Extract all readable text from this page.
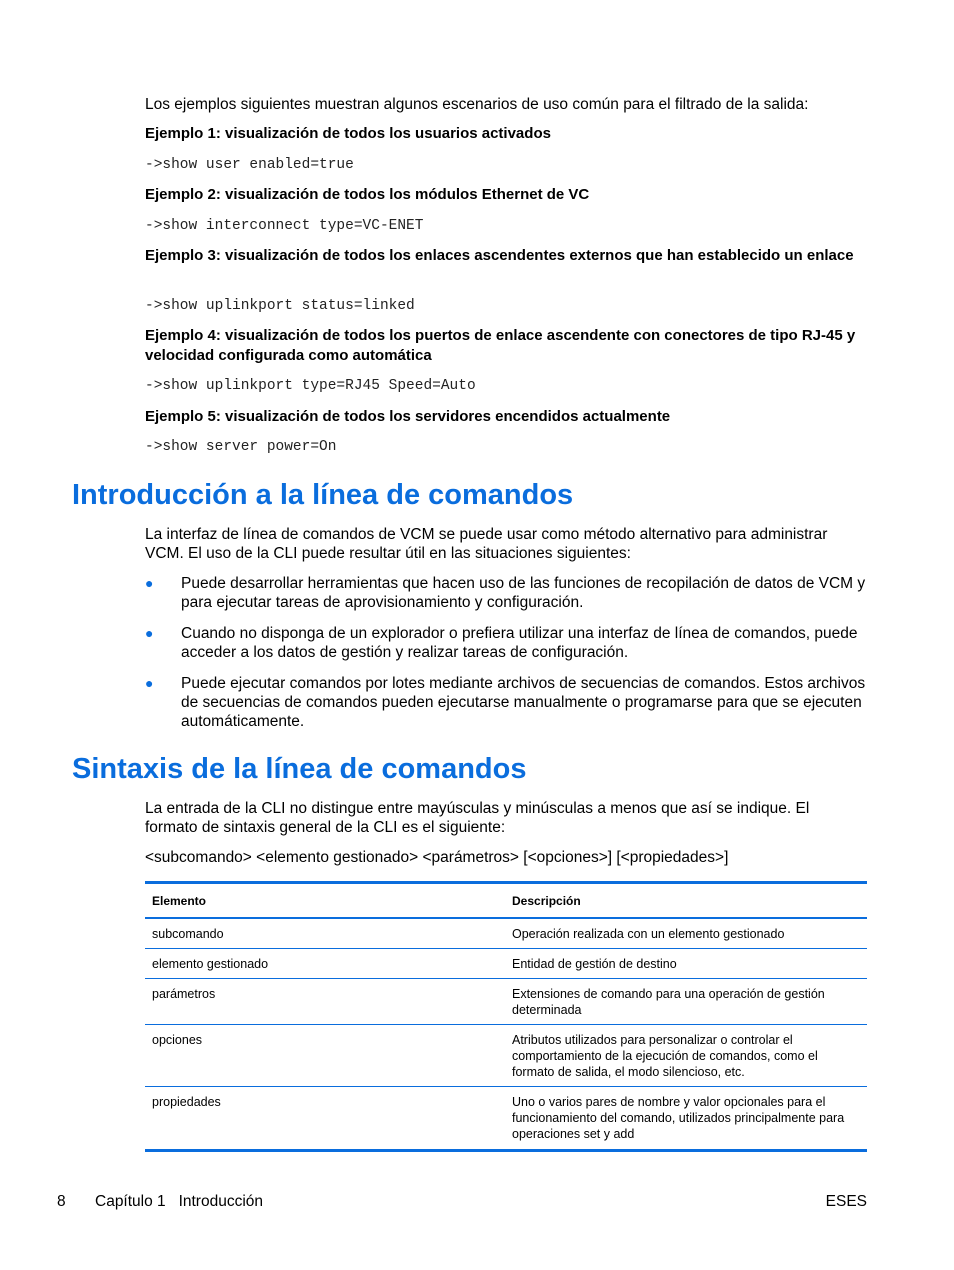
Los ejemplos siguientes muestran algunos escenarios de uso común para el filtrado de la salida:

Ejemplo 1: visualización de todos los usuarios activados

->show user enabled=true

Ejemplo 2: visualización de todos los módulos Ethernet de VC

->show interconnect type=VC-ENET

Ejemplo 3: visualización de todos los enlaces ascendentes externos que han establecido un enlace

->show uplinkport status=linked

Ejemplo 4: visualización de todos los puertos de enlace ascendente con conectores de tipo RJ-45 y velocidad configurada como automática

->show uplinkport type=RJ45 Speed=Auto

Ejemplo 5: visualización de todos los servidores encendidos actualmente

->show server power=On

Introducción a la línea de comandos

La interfaz de línea de comandos de VCM se puede usar como método alternativo para administrar VCM. El uso de la CLI puede resultar útil en las situaciones siguientes:

● Puede desarrollar herramientas que hacen uso de las funciones de recopilación de datos de VCM y para ejecutar tareas de aprovisionamiento y configuración.
● Cuando no disponga de un explorador o prefiera utilizar una interfaz de línea de comandos, puede acceder a los datos de gestión y realizar tareas de configuración.
● Puede ejecutar comandos por lotes mediante archivos de secuencias de comandos. Estos archivos de secuencias de comandos pueden ejecutarse manualmente o programarse para que se ejecuten automáticamente.
Sintaxis de la línea de comandos

La entrada de la CLI no distingue entre mayúsculas y minúsculas a menos que así se indique. El formato de sintaxis general de la CLI es el siguiente:

<subcomando> <elemento gestionado> <parámetros> [<opciones>] [<propiedades>]

Elemento	Descripción
subcomando	Operación realizada con un elemento gestionado
elemento gestionado	Entidad de gestión de destino
parámetros	Extensiones de comando para una operación de gestión determinada
opciones	Atributos utilizados para personalizar o controlar el comportamiento de la ejecución de comandos, como el formato de salida, el modo silencioso, etc.
propiedades	Uno o varios pares de nombre y valor opcionales para el funcionamiento del comando, utilizados principalmente para operaciones set y add
8 Capítulo 1   Introducción	ESES
